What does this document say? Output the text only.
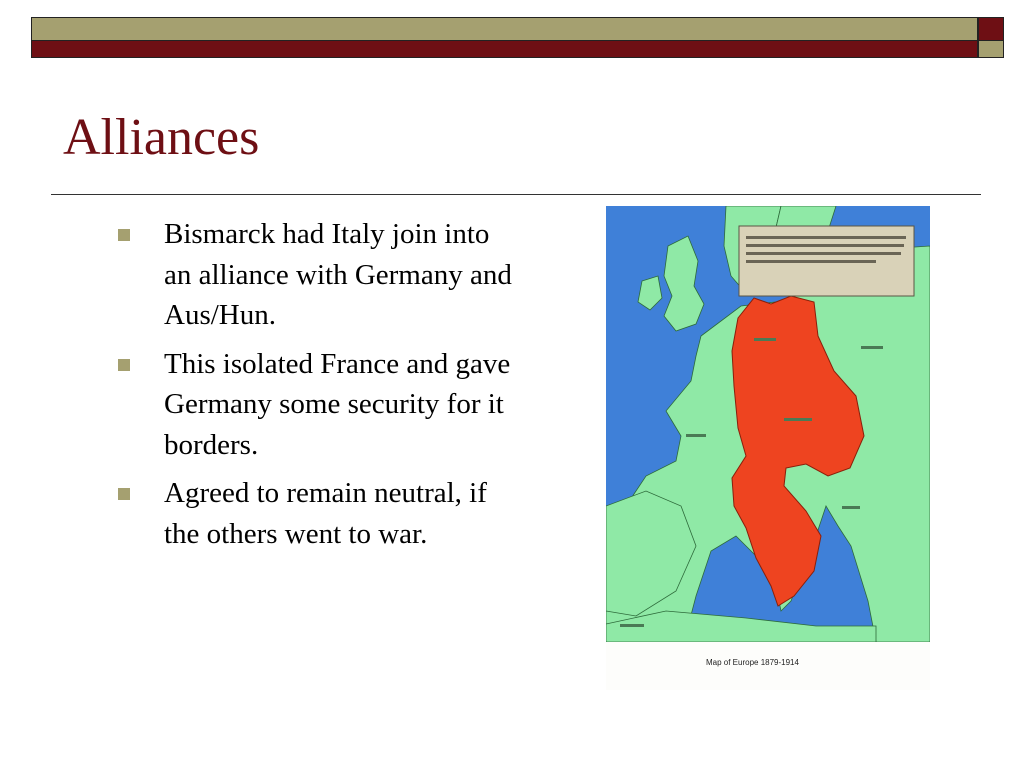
Alliances
Bismarck had Italy join into an alliance with Germany and Aus/Hun.
This isolated France and gave Germany some security for it borders.
Agreed to remain neutral, if the others went to war.
Map of Europe 1879-1914
